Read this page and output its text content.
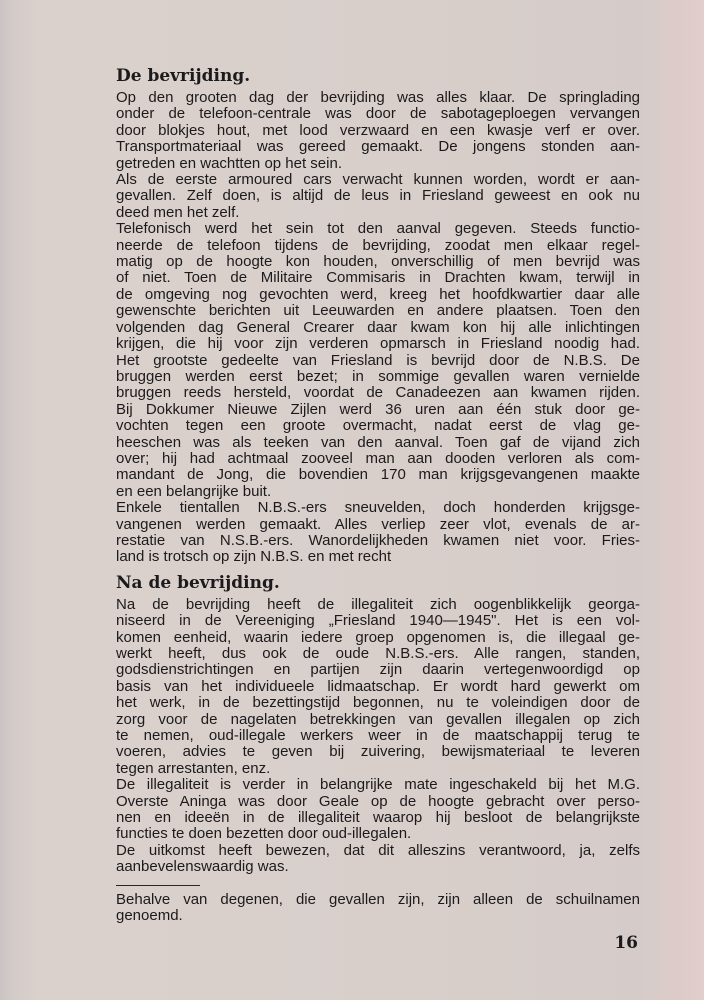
De bevrijding.
Op den grooten dag der bevrijding was alles klaar. De springlading
onder de telefoon-centrale was door de sabotageploegen vervangen
door blokjes hout, met lood verzwaard en een kwasje verf er over.
Transportmateriaal was gereed gemaakt. De jongens stonden aan-
getreden en wachtten op het sein.
Als de eerste armoured cars verwacht kunnen worden, wordt er aan-
gevallen. Zelf doen, is altijd de leus in Friesland geweest en ook nu
deed men het zelf.
Telefonisch werd het sein tot den aanval gegeven. Steeds functio-
neerde de telefoon tijdens de bevrijding, zoodat men elkaar regel-
matig op de hoogte kon houden, onverschillig of men bevrijd was
of niet. Toen de Militaire Commisaris in Drachten kwam, terwijl in
de omgeving nog gevochten werd, kreeg het hoofdkwartier daar alle
gewenschte berichten uit Leeuwarden en andere plaatsen. Toen den
volgenden dag General Crearer daar kwam kon hij alle inlichtingen
krijgen, die hij voor zijn verderen opmarsch in Friesland noodig had.
Het grootste gedeelte van Friesland is bevrijd door de N.B.S. De
bruggen werden eerst bezet; in sommige gevallen waren vernielde
bruggen reeds hersteld, voordat de Canadeezen aan kwamen rijden.
Bij Dokkumer Nieuwe Zijlen werd 36 uren aan één stuk door ge-
vochten tegen een groote overmacht, nadat eerst de vlag ge-
heeschen was als teeken van den aanval. Toen gaf de vijand zich
over; hij had achtmaal zooveel man aan dooden verloren als com-
mandant de Jong, die bovendien 170 man krijgsgevangenen maakte
en een belangrijke buit.
Enkele tientallen N.B.S.-ers sneuvelden, doch honderden krijgsge-
vangenen werden gemaakt. Alles verliep zeer vlot, evenals de ar-
restatie van N.S.B.-ers. Wanordelijkheden kwamen niet voor. Fries-
land is trotsch op zijn N.B.S. en met recht
Na de bevrijding.
Na de bevrijding heeft de illegaliteit zich oogenblikkelijk georga-
niseerd in de Vereeniging „Friesland 1940—1945". Het is een vol-
komen eenheid, waarin iedere groep opgenomen is, die illegaal ge-
werkt heeft, dus ook de oude N.B.S.-ers. Alle rangen, standen,
godsdienstrichtingen en partijen zijn daarin vertegenwoordigd op
basis van het individueele lidmaatschap. Er wordt hard gewerkt om
het werk, in de bezettingstijd begonnen, nu te voleindigen door de
zorg voor de nagelaten betrekkingen van gevallen illegalen op zich
te nemen, oud-illegale werkers weer in de maatschappij terug te
voeren, advies te geven bij zuivering, bewijsmateriaal te leveren
tegen arrestanten, enz.
De illegaliteit is verder in belangrijke mate ingeschakeld bij het M.G.
Overste Aninga was door Geale op de hoogte gebracht over perso-
nen en ideeën in de illegaliteit waarop hij besloot de belangrijkste
functies te doen bezetten door oud-illegalen.
De uitkomst heeft bewezen, dat dit alleszins verantwoord, ja, zelfs
aanbevelenswaardig was.
Behalve van degenen, die gevallen zijn, zijn alleen de schuilnamen
genoemd.
16
